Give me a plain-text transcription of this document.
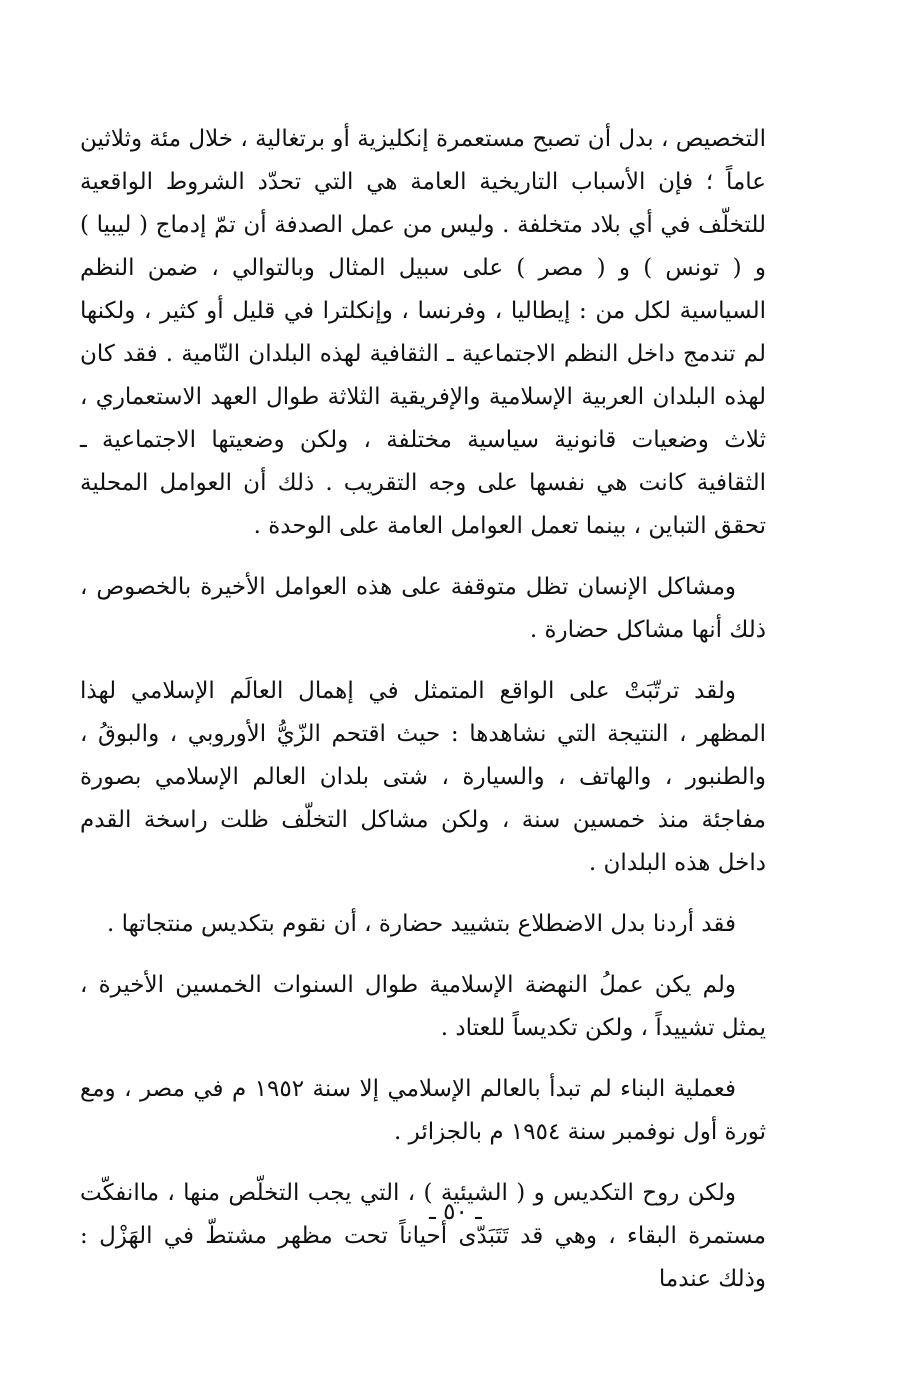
التخصيص ، بدل أن تصبح مستعمرة إنكليزية أو برتغالية ، خلال مئة وثلاثين عاماً ؛ فإن الأسباب التاريخية العامة هي التي تحدّد الشروط الواقعية للتخلّف في أي بلاد متخلفة . وليس من عمل الصدفة أن تمّ إدماج ( ليبيا ) و ( تونس ) و ( مصر ) على سبيل المثال وبالتوالي ، ضمن النظم السياسية لكل من : إيطاليا ، وفرنسا ، وإنكلترا في قليل أو كثير ، ولكنها لم تندمج داخل النظم الاجتماعية ـ الثقافية لهذه البلدان النّامية . فقد كان لهذه البلدان العربية الإسلامية والإفريقية الثلاثة طوال العهد الاستعماري ، ثلاث وضعيات قانونية سياسية مختلفة ، ولكن وضعيتها الاجتماعية ـ الثقافية كانت هي نفسها على وجه التقريب . ذلك أن العوامل المحلية تحقق التباين ، بينما تعمل العوامل العامة على الوحدة .

ومشاكل الإنسان تظل متوقفة على هذه العوامل الأخيرة بالخصوص ، ذلك أنها مشاكل حضارة .

ولقد ترتّبَتْ على الواقع المتمثل في إهمال العالَم الإسلامي لهذا المظهر ، النتيجة التي نشاهدها : حيث اقتحم الزّيُّ الأوروبي ، والبوقُ ، والطنبور ، والهاتف ، والسيارة ، شتى بلدان العالم الإسلامي بصورة مفاجئة منذ خمسين سنة ، ولكن مشاكل التخلّف ظلت راسخة القدم داخل هذه البلدان .

فقد أردنا بدل الاضطلاع بتشييد حضارة ، أن نقوم بتكديس منتجاتها .

ولم يكن عملُ النهضة الإسلامية طوال السنوات الخمسين الأخيرة ، يمثل تشييداً ، ولكن تكديساً للعتاد .

فعملية البناء لم تبدأ بالعالم الإسلامي إلا سنة ١٩٥٢ م في مصر ، ومع ثورة أول نوفمبر سنة ١٩٥٤ م بالجزائر .

ولكن روح التكديس و ( الشيئية ) ، التي يجب التخلّص منها ، ماانفكّت مستمرة البقاء ، وهي قد تَتَبَدّى أحياناً تحت مظهر مشتطّ في الهَزْل : وذلك عندما

ـ ٥٠ ـ
